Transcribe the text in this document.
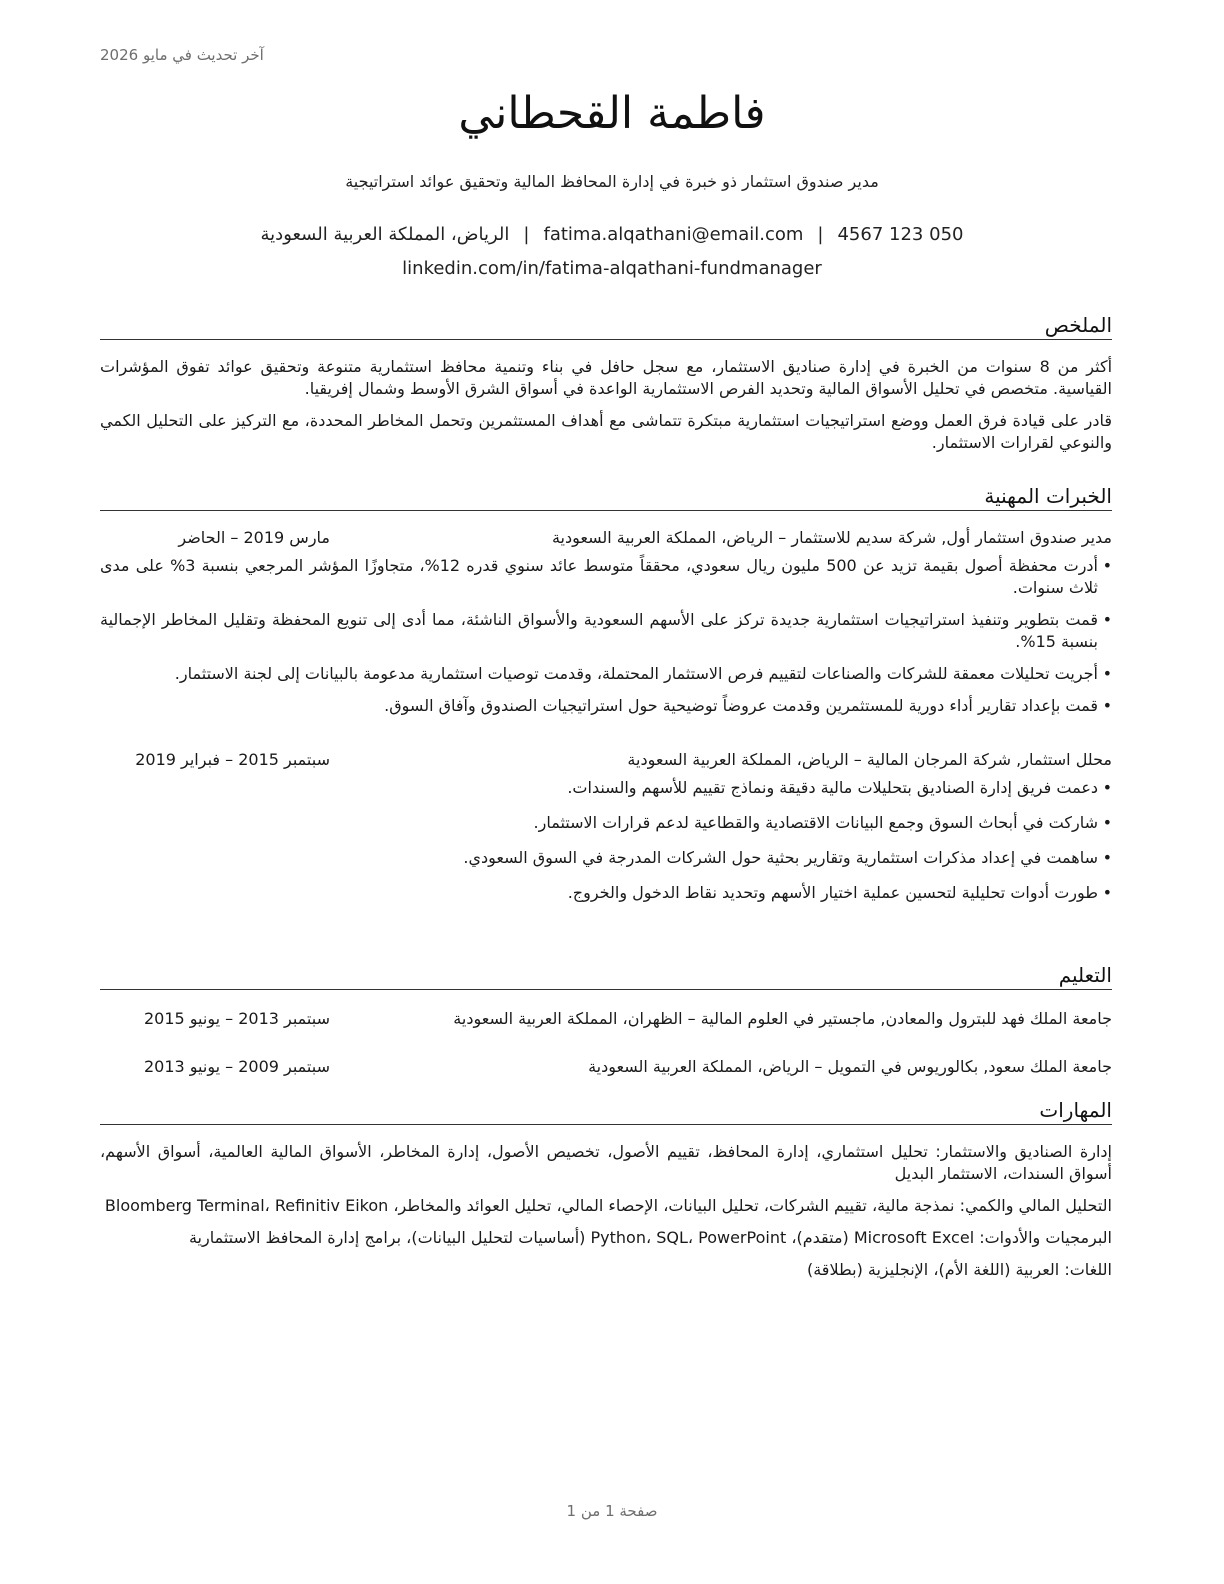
آخر تحديث في مايو 2026
فاطمة القحطاني
مدير صندوق استثمار ذو خبرة في إدارة المحافظ المالية وتحقيق عوائد استراتيجية
الرياض، المملكة العربية السعودية | fatima.alqathani@email.com | 050 123 4567
linkedin.com/in/fatima-alqathani-fundmanager
الملخص

أكثر من 8 سنوات من الخبرة في إدارة صناديق الاستثمار، مع سجل حافل في بناء وتنمية محافظ استثمارية متنوعة وتحقيق عوائد تفوق المؤشرات القياسية. متخصص في تحليل الأسواق المالية وتحديد الفرص الاستثمارية الواعدة في أسواق الشرق الأوسط وشمال إفريقيا.

قادر على قيادة فرق العمل ووضع استراتيجيات استثمارية مبتكرة تتماشى مع أهداف المستثمرين وتحمل المخاطر المحددة، مع التركيز على التحليل الكمي والنوعي لقرارات الاستثمار.

الخبرات المهنية
مدير صندوق استثمار أول, شركة سديم للاستثمار – الرياض، المملكة العربية السعودية
مارس 2019 – الحاضر
• أدرت محفظة أصول بقيمة تزيد عن 500 مليون ريال سعودي، محققاً متوسط عائد سنوي قدره 12%، متجاوزًا المؤشر المرجعي بنسبة 3% على مدى ثلاث سنوات.
• قمت بتطوير وتنفيذ استراتيجيات استثمارية جديدة تركز على الأسهم السعودية والأسواق الناشئة، مما أدى إلى تنويع المحفظة وتقليل المخاطر الإجمالية بنسبة 15%.
• أجريت تحليلات معمقة للشركات والصناعات لتقييم فرص الاستثمار المحتملة، وقدمت توصيات استثمارية مدعومة بالبيانات إلى لجنة الاستثمار.
• قمت بإعداد تقارير أداء دورية للمستثمرين وقدمت عروضاً توضيحية حول استراتيجيات الصندوق وآفاق السوق.
محلل استثمار, شركة المرجان المالية – الرياض، المملكة العربية السعودية
سبتمبر 2015 – فبراير 2019
• دعمت فريق إدارة الصناديق بتحليلات مالية دقيقة ونماذج تقييم للأسهم والسندات.
• شاركت في أبحاث السوق وجمع البيانات الاقتصادية والقطاعية لدعم قرارات الاستثمار.
• ساهمت في إعداد مذكرات استثمارية وتقارير بحثية حول الشركات المدرجة في السوق السعودي.
• طورت أدوات تحليلية لتحسين عملية اختيار الأسهم وتحديد نقاط الدخول والخروج.
التعليم
جامعة الملك فهد للبترول والمعادن, ماجستير في العلوم المالية – الظهران، المملكة العربية السعودية
سبتمبر 2013 – يونيو 2015
جامعة الملك سعود, بكالوريوس في التمويل – الرياض، المملكة العربية السعودية
سبتمبر 2009 – يونيو 2013
المهارات

إدارة الصناديق والاستثمار: تحليل استثماري، إدارة المحافظ، تقييم الأصول، تخصيص الأصول، إدارة المخاطر، الأسواق المالية العالمية، أسواق الأسهم، أسواق السندات، الاستثمار البديل

التحليل المالي والكمي: نمذجة مالية، تقييم الشركات، تحليل البيانات، الإحصاء المالي، تحليل العوائد والمخاطر، Bloomberg Terminal، Refinitiv Eikon

البرمجيات والأدوات: Microsoft Excel (متقدم)، Python، SQL، PowerPoint (أساسيات لتحليل البيانات)، برامج إدارة المحافظ الاستثمارية

اللغات: العربية (اللغة الأم)، الإنجليزية (بطلاقة)

صفحة 1 من 1
